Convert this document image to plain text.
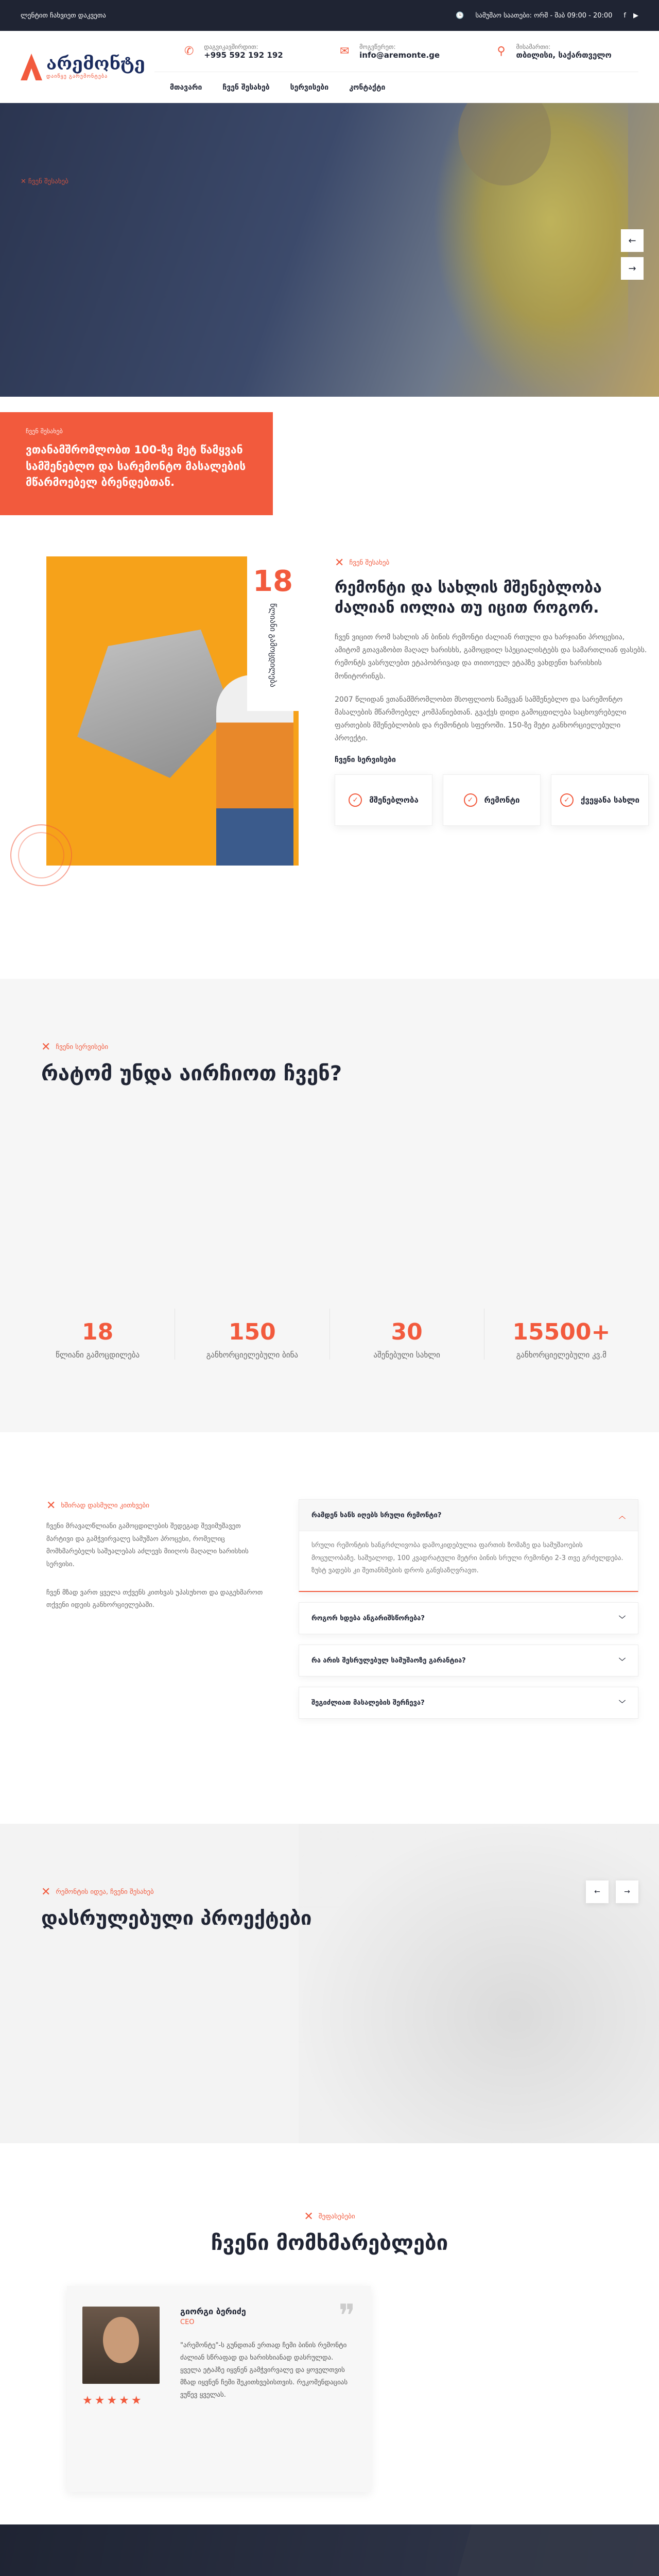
ლენტით ჩახვიეთ დაკვეთა	🕒 სამუშაო საათები: ორშ - შაბ 09:00 - 20:00 f ▶
არემონტე
დაიწყე გარემონტება
✆	დაგვიკავშირდით:
+995 592 192 192	✉	მოგვწერეთ:
info@aremonte.ge	⚲	მისამართი:
თბილისი, საქართველო
მთავარი	ჩვენ შესახებ	სერვისები	კონტაქტი
✕ ჩვენ შესახებ
←
→
ჩვენ შესახებ
ვთანამშრომლობთ 100-ზე მეტ წამყვან სამშენებლო და სარემონტო მასალების მწარმოებელ ბრენდებთან.
18
წლიანი გამოცდილება
✕ ჩვენ შესახებ
რემონტი და სახლის მშენებლობა ძალიან იოლია თუ იცით როგორ.

ჩვენ ვიცით რომ სახლის ან ბინის რემონტი ძალიან რთული და ხარჯიანი პროცესია, ამიტომ გთავაზობთ მაღალ ხარისხს, გამოცდილ სპეციალისტებს და სამართლიან ფასებს. რემონტს ვასრულებთ ეტაპობრივად და თითოეულ ეტაპზე ვახდენთ ხარისხის მონიტორინგს.

2007 წლიდან ვთანამშრომლობთ მსოფლიოს წამყვან სამშენებლო და სარემონტო მასალების მწარმოებელ კომპანიებთან. გვაქვს დიდი გამოცდილება საცხოვრებელი ფართების მშენებლობის და რემონტის სფეროში. 150-ზე მეტი განხორციელებული პროექტი.

ჩვენი სერვისები
✓	მშენებლობა	✓	რემონტი	✓	ქვეყანა სახლი
✕ ჩვენი სერვისები
რატომ უნდა აირჩიოთ ჩვენ?
18
წლიანი გამოცდილება
150
განხორციელებული ბინა
30
აშენებული სახლი
15500+
განხორციელებული კვ.მ
✕ ხშირად დასმული კითხვები

ჩვენი მრავალწლიანი გამოცდილების შედეგად შევიმუშავეთ მარტივი და გამჭვირვალე სამუშაო პროცესი, რომელიც მომხმარებელს საშუალებას აძლევს მიიღოს მაღალი ხარისხის სერვისი.

ჩვენ მზად ვართ ყველა თქვენს კითხვას უპასუხოთ და დაგეხმაროთ თქვენი იდეის განხორციელებაში.

რამდენ ხანს იღებს სრული რემონტი?	︿
სრული რემონტის ხანგრძლივობა დამოკიდებულია ფართის ზომაზე და სამუშაოების მოცულობაზე. საშუალოდ, 100 კვადრატული მეტრი ბინის სრული რემონტი 2-3 თვე გრძელდება. ზუსტ ვადებს კი შეთანხმების დროს განვსაზღვრავთ.
როგორ ხდება ანგარიშსწორება?	﹀
რა არის შესრულებულ სამუშაოზე გარანტია?	﹀
შეგიძლიათ მასალების შერჩევა?	﹀
✕ რემონტის იდეა, ჩვენი შესახებ
დასრულებული პროექტები
←	→
✕ შეფასებები
ჩვენი მომხმარებლები
★★★★★
❞
გიორგი ბერიძე
CEO
"არემონტე"-ს გუნდთან ერთად ჩემი ბინის რემონტი ძალიან სწრაფად და ხარისხიანად დასრულდა. ყველა ეტაპზე იყვნენ გამჭვირვალე და ყოველთვის მზად იყვნენ ჩემი შეკითხვებისთვის. რეკომენდაციას ვუწევ ყველას.
